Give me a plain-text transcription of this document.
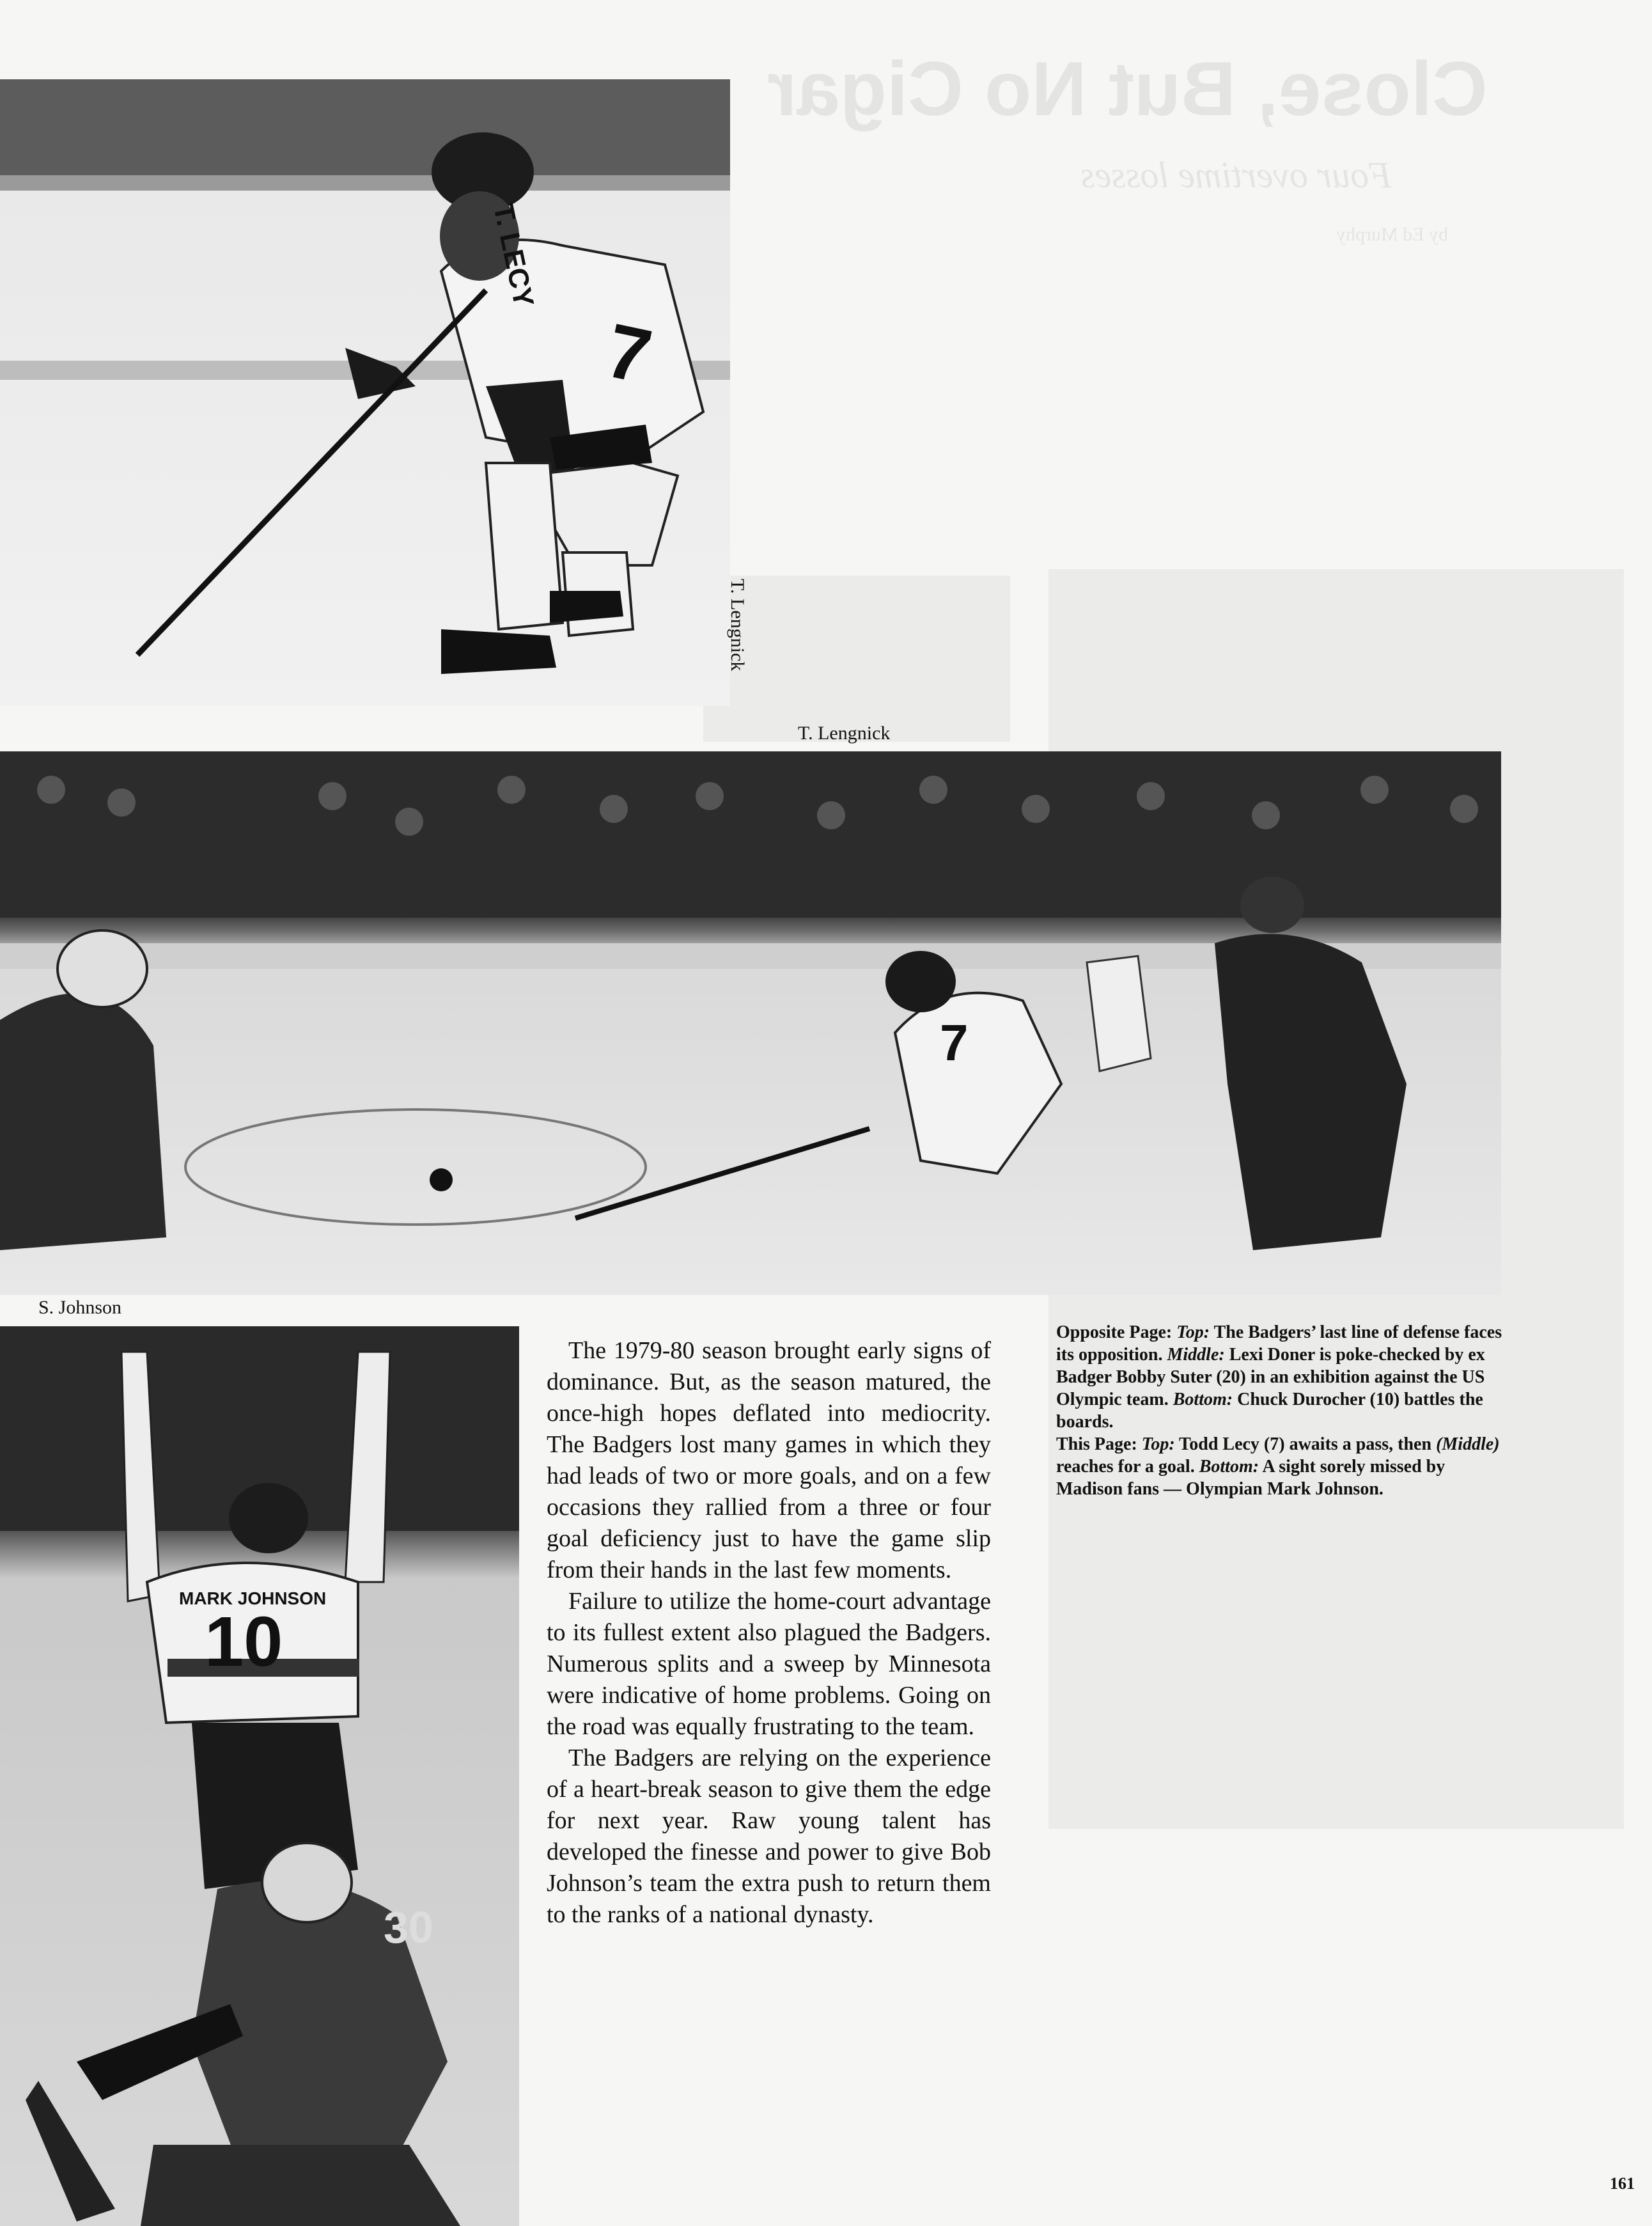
Close, But No Cigar
Four overtime losses
by Ed Murphy
T. LECY
7
T. Lengnick
T. Lengnick
7
S. Johnson
MARK JOHNSON
10
30

The 1979-80 season brought early signs of dominance. But, as the season matured, the once-high hopes deflated into mediocrity. The Badgers lost many games in which they had leads of two or more goals, and on a few occasions they rallied from a three or four goal deficiency just to have the game slip from their hands in the last few moments.

Failure to utilize the home-court advantage to its fullest extent also plagued the Badgers. Numerous splits and a sweep by Minnesota were indicative of home problems. Going on the road was equally frustrating to the team.

The Badgers are relying on the experience of a heart-break season to give them the edge for next year. Raw young talent has developed the finesse and power to give Bob Johnson’s team the extra push to return them to the ranks of a national dynasty.

Opposite Page: Top: The Badgers’ last line of defense faces its opposition. Middle: Lexi Doner is poke-checked by ex Badger Bobby Suter (20) in an exhibition against the US Olympic team. Bottom: Chuck Durocher (10) battles the boards.

This Page: Top: Todd Lecy (7) awaits a pass, then (Middle) reaches for a goal. Bottom: A sight sorely missed by Madison fans — Olympian Mark Johnson.

161
